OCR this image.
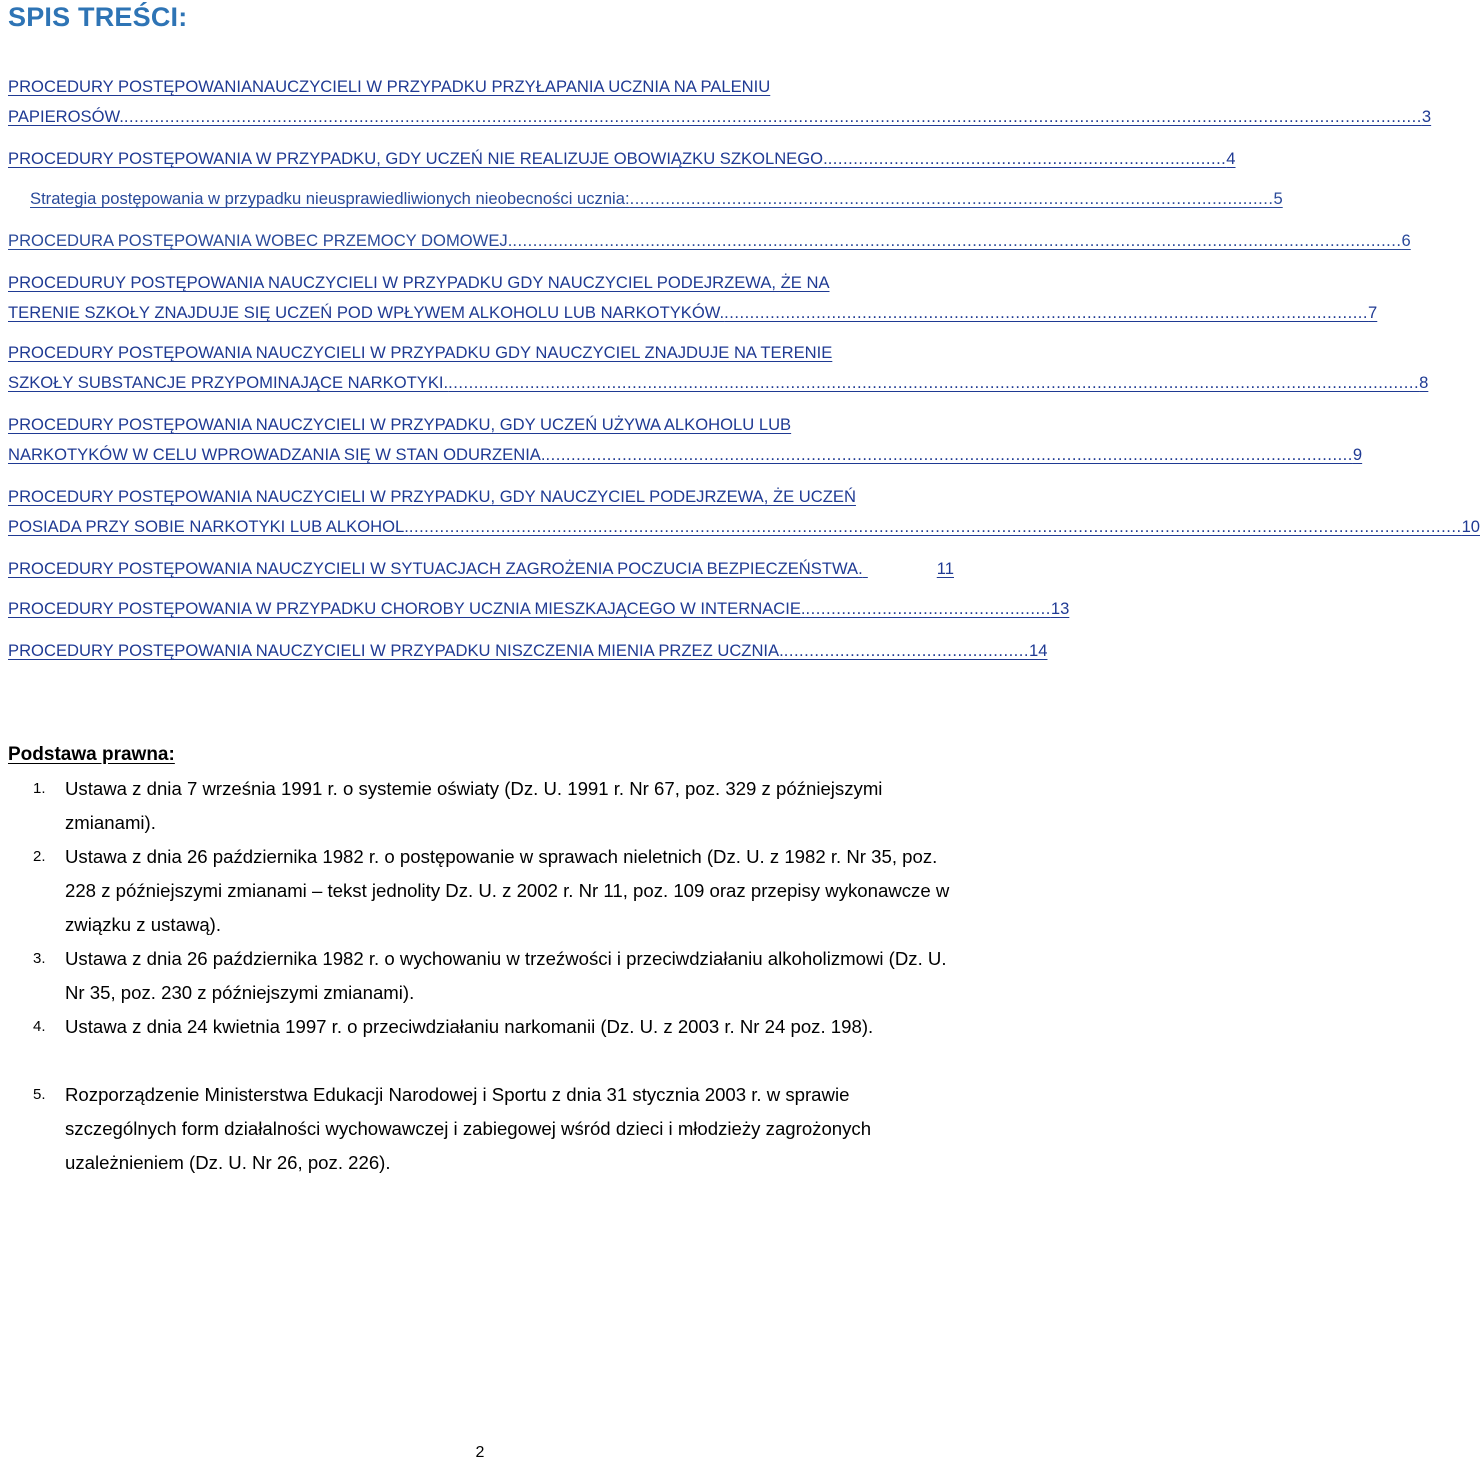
SPIS TREŚCI:
PROCEDURY POSTĘPOWANIANAUCZYCIELI W PRZYPADKU PRZYŁAPANIA UCZNIA NA PALENIU
PAPIEROSÓW. .............................................................................................................................................................................................................................................................. 3
PROCEDURY POSTĘPOWANIA W PRZYPADKU, GDY UCZEŃ NIE REALIZUJE OBOWIĄZKU SZKOLNEGO. .............................................................................. 4
Strategia postępowania w przypadku nieusprawiedliwionych nieobecności ucznia: .............................................................................................................................. 5
PROCEDURA POSTĘPOWANIA WOBEC PRZEMOCY DOMOWEJ. .............................................................................................................................................................................. 6
PROCEDURUY POSTĘPOWANIA NAUCZYCIELI W PRZYPADKU GDY NAUCZYCIEL PODEJRZEWA, ŻE NA
TERENIE SZKOŁY ZNAJDUJE SIĘ UCZEŃ POD WPŁYWEM ALKOHOLU LUB NARKOTYKÓW. .............................................................................................................................. 7
PROCEDURY POSTĘPOWANIA NAUCZYCIELI W PRZYPADKU GDY NAUCZYCIEL ZNAJDUJE NA TERENIE
SZKOŁY SUBSTANCJE PRZYPOMINAJĄCE NARKOTYKI. .............................................................................................................................................................................................. 8
PROCEDURY POSTĘPOWANIA NAUCZYCIELI W PRZYPADKU, GDY UCZEŃ UŻYWA ALKOHOLU LUB
NARKOTYKÓW W CELU WPROWADZANIA SIĘ W STAN ODURZENIA. .............................................................................................................................................................. 9
PROCEDURY POSTĘPOWANIA NAUCZYCIELI W PRZYPADKU, GDY NAUCZYCIEL PODEJRZEWA, ŻE UCZEŃ
POSIADA PRZY SOBIE NARKOTYKI LUB ALKOHOL. .............................................................................................................................................................................................................. 10
PROCEDURY POSTĘPOWANIA NAUCZYCIELI W SYTUACJACH ZAGROŻENIA POCZUCIA BEZPIECZEŃSTWA.
	11
PROCEDURY POSTĘPOWANIA W PRZYPADKU CHOROBY UCZNIA MIESZKAJĄCEGO W INTERNACIE. ................................................ 13
PROCEDURY POSTĘPOWANIA NAUCZYCIELI W PRZYPADKU NISZCZENIA MIENIA PRZEZ UCZNIA. ................................................ 14
Podstawa prawna:
1. Ustawa z dnia 7 września 1991 r. o systemie oświaty (Dz. U. 1991 r. Nr 67, poz. 329 z późniejszymi zmianami).
2. Ustawa z dnia 26 października 1982 r. o postępowanie w sprawach nieletnich (Dz. U. z 1982 r. Nr 35, poz. 228 z późniejszymi zmianami – tekst jednolity Dz. U. z 2002 r. Nr 11, poz. 109 oraz przepisy wykonawcze w związku z ustawą).
3. Ustawa z dnia 26 października 1982 r. o wychowaniu w trzeźwości i przeciwdziałaniu alkoholizmowi (Dz. U. Nr 35, poz. 230 z późniejszymi zmianami).
4. Ustawa z dnia 24 kwietnia 1997 r. o przeciwdziałaniu narkomanii (Dz. U. z 2003 r. Nr 24 poz. 198).
5. Rozporządzenie Ministerstwa Edukacji Narodowej i Sportu z dnia 31 stycznia 2003 r. w sprawie szczególnych form działalności wychowawczej i zabiegowej wśród dzieci i młodzieży zagrożonych uzależnieniem (Dz. U. Nr 26, poz. 226).
2
